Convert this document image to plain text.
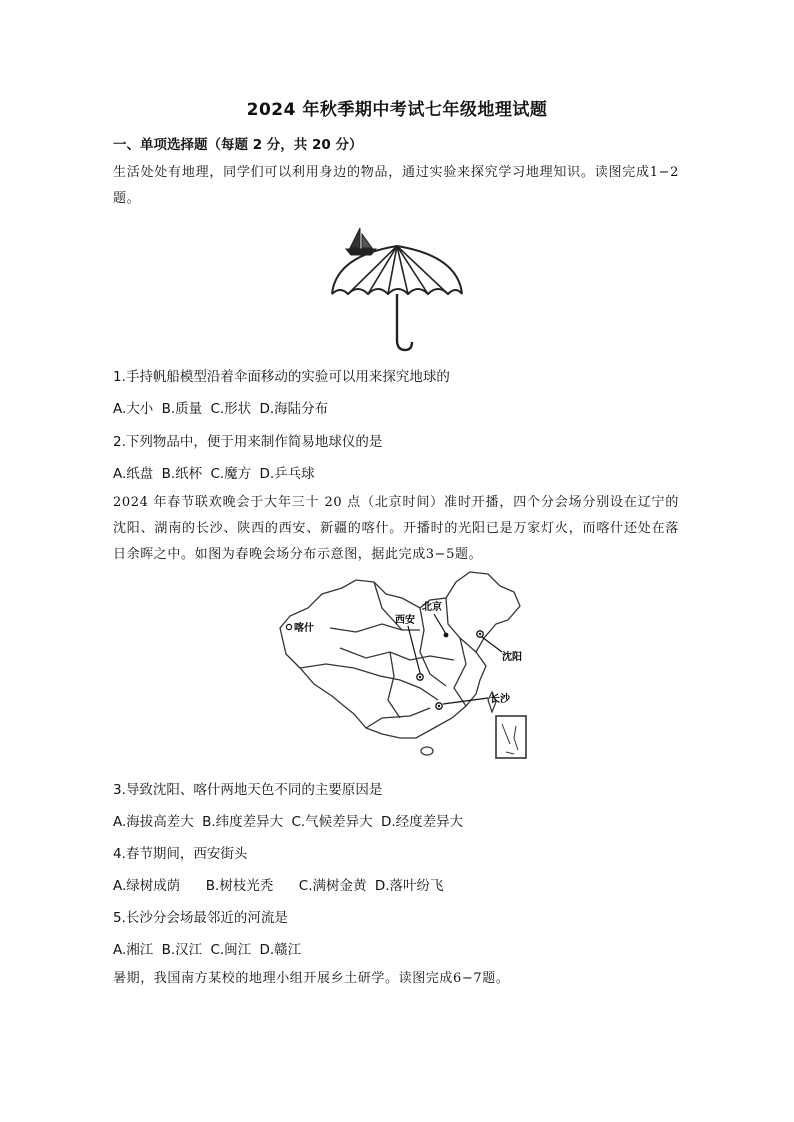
2024 年秋季期中考试七年级地理试题
一、单项选择题（每题 2 分，共 20 分）
生活处处有地理，同学们可以利用身边的物品，通过实验来探究学习地理知识。读图完成1−2题。
1.手持帆船模型沿着伞面移动的实验可以用来探究地球的
A.大小 B.质量 C.形状 D.海陆分布
2.下列物品中，便于用来制作简易地球仪的是
A.纸盘 B.纸杯 C.魔方 D.乒乓球
2024 年春节联欢晚会于大年三十 20 点（北京时间）准时开播，四个分会场分别设在辽宁的沈阳、湖南的长沙、陕西的西安、新疆的喀什。开播时的光阳已是万家灯火，而喀什还处在落日余晖之中。如图为春晚会场分布示意图，据此完成3−5题。
喀什
北京
西安
沈阳
长沙
3.导致沈阳、喀什两地天色不同的主要原因是
A.海拔高差大 B.纬度差异大 C.气候差异大 D.经度差异大
4.春节期间，西安街头
A.绿树成荫 B.树枝光秃 C.满树金黄 D.落叶纷飞
5.长沙分会场最邻近的河流是
A.湘江 B.汉江 C.闽江 D.赣江
暑期，我国南方某校的地理小组开展乡土研学。读图完成6−7题。
